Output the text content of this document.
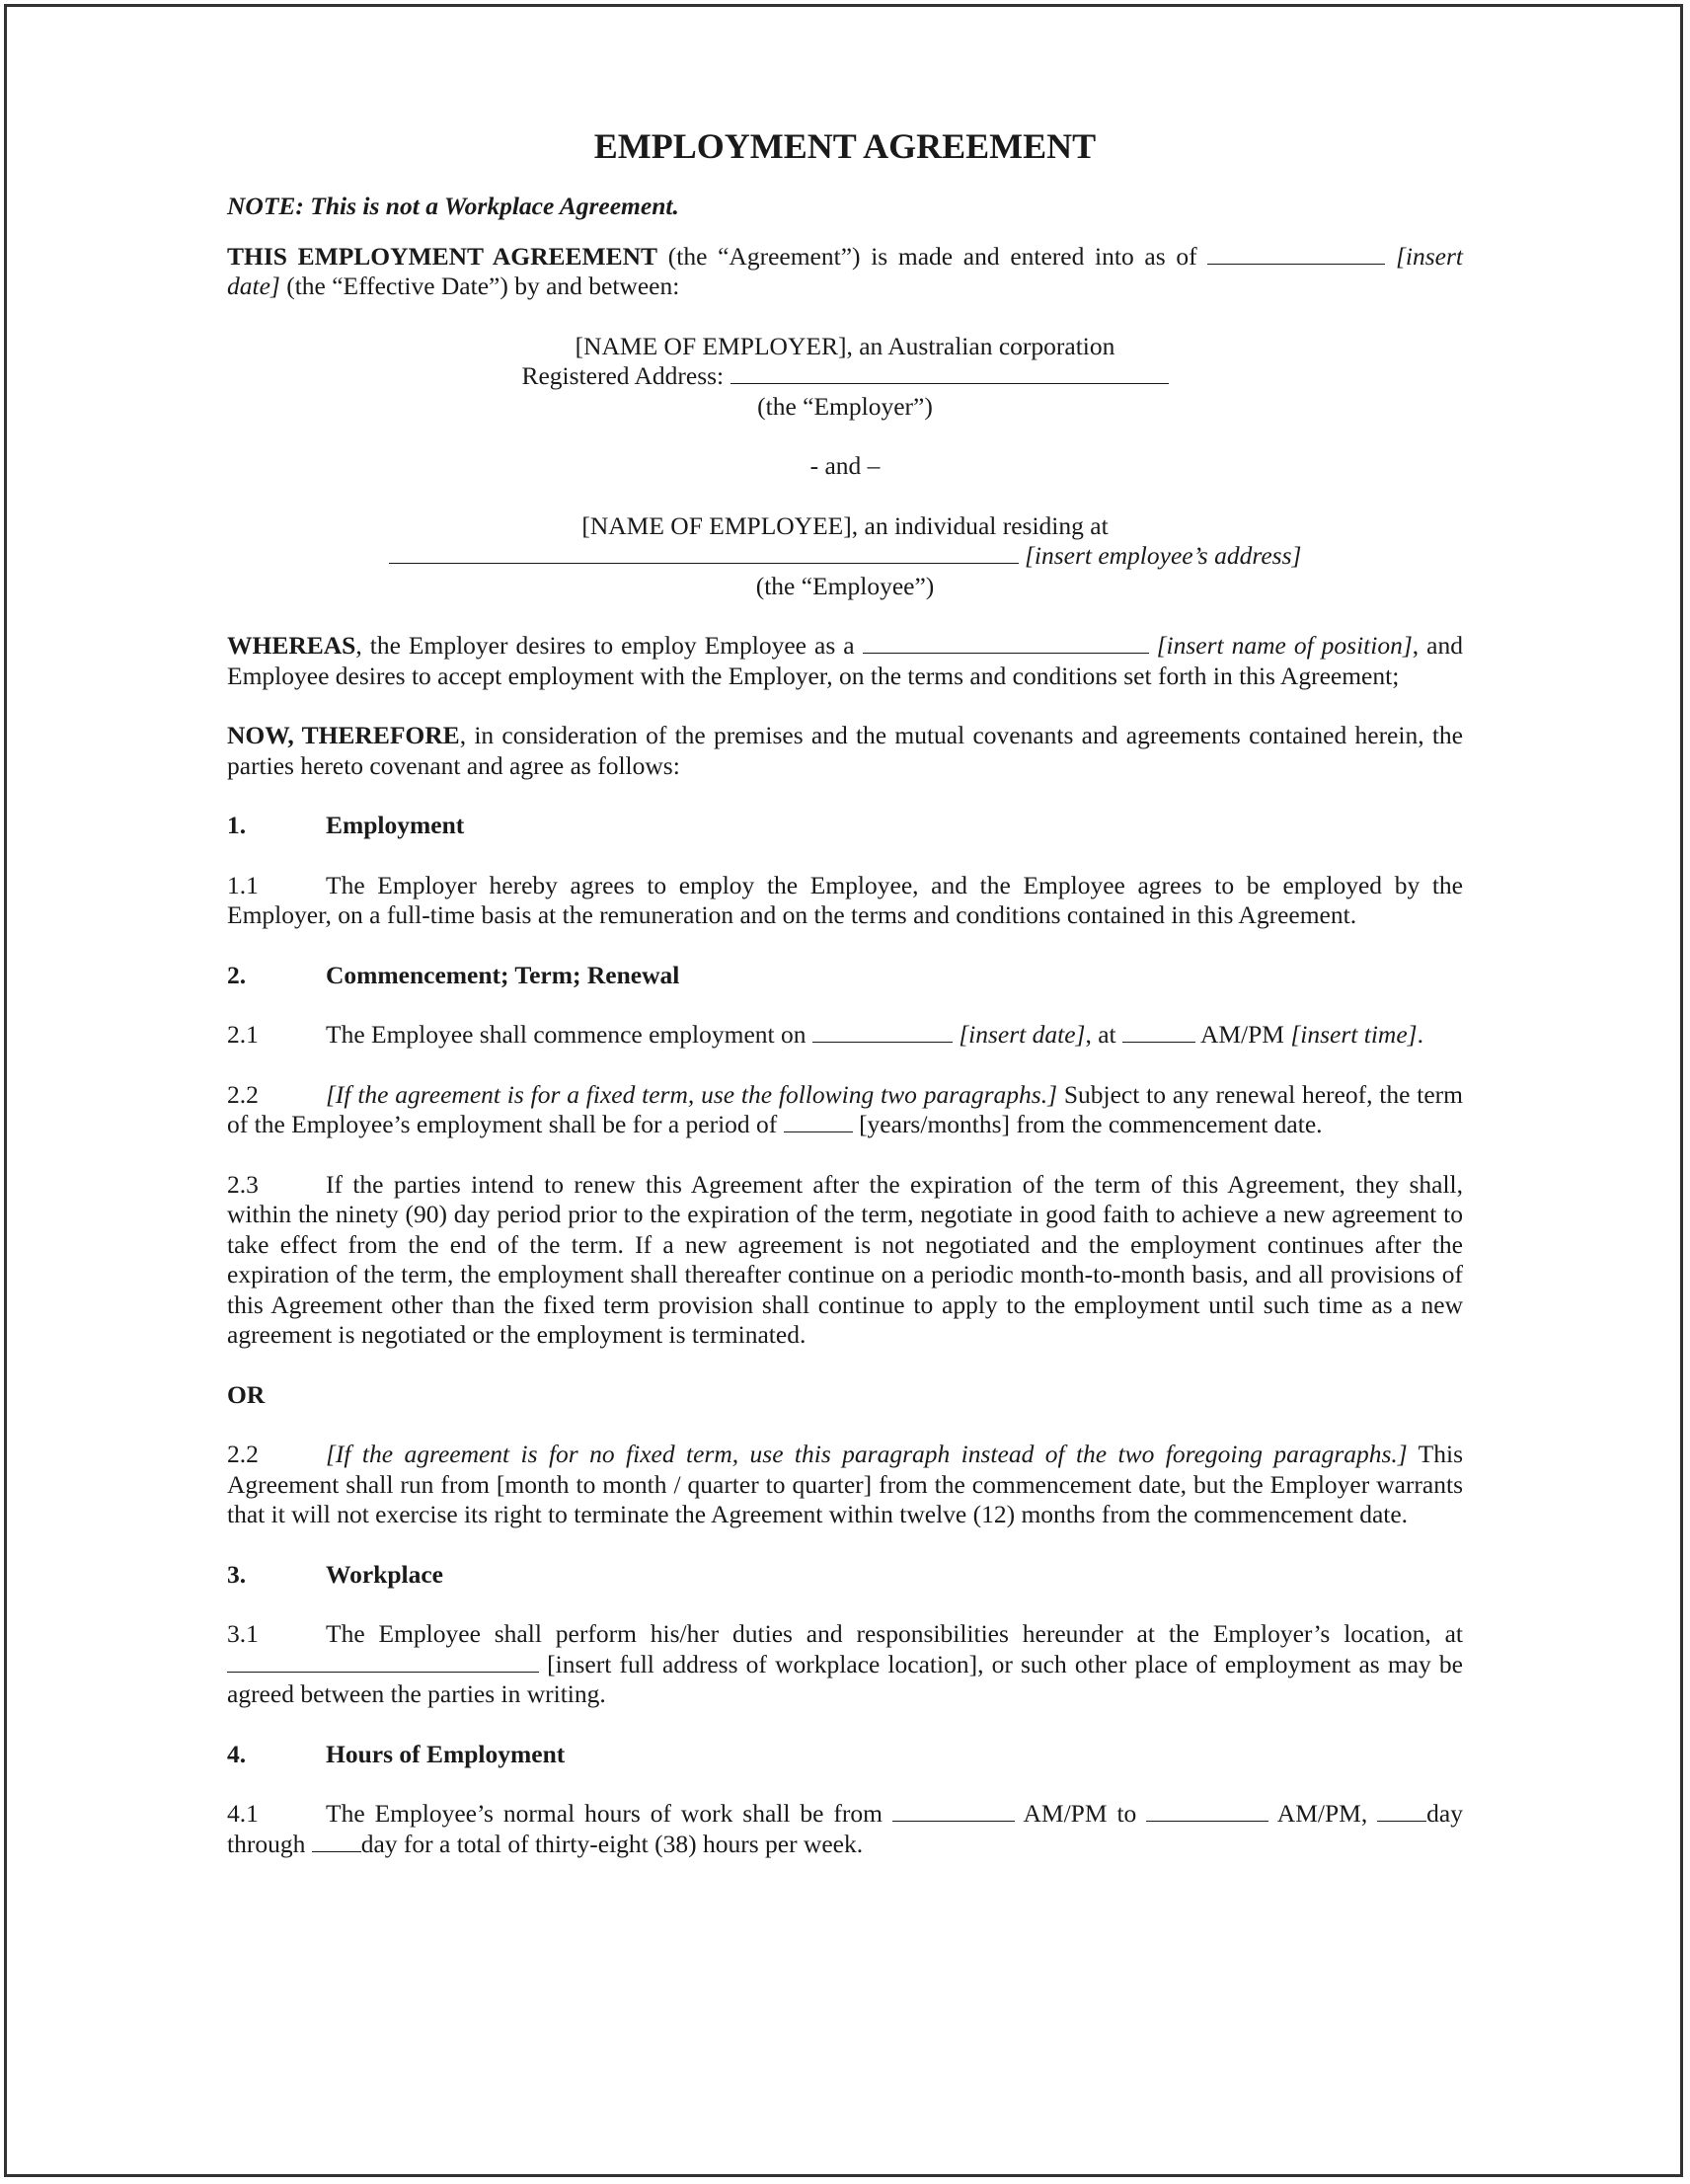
EMPLOYMENT AGREEMENT

NOTE: This is not a Workplace Agreement.

THIS EMPLOYMENT AGREEMENT (the “Agreement”) is made and entered into as of	[insert date] (the “Effective Date”) by and between:

[NAME OF EMPLOYER], an Australian corporation
Registered Address:
(the “Employer”)
- and –
[NAME OF EMPLOYEE], an individual residing at
[insert employee’s address]
(the “Employee”)

WHEREAS, the Employer desires to employ Employee as a	[insert name of position], and Employee desires to accept employment with the Employer, on the terms and conditions set forth in this Agreement;

NOW, THEREFORE, in consideration of the premises and the mutual covenants and agreements contained herein, the parties hereto covenant and agree as follows:

1.	Employment

1.1	The Employer hereby agrees to employ the Employee, and the Employee agrees to be employed by the Employer, on a full-time basis at the remuneration and on the terms and conditions contained in this Agreement.

2.	Commencement; Term; Renewal

2.1	The Employee shall commence employment on	[insert date], at	AM/PM [insert time].

2.2	[If the agreement is for a fixed term, use the following two paragraphs.] Subject to any renewal hereof, the term of the Employee’s employment shall be for a period of	[years/months] from the commencement date.

2.3	If the parties intend to renew this Agreement after the expiration of the term of this Agreement, they shall, within the ninety (90) day period prior to the expiration of the term, negotiate in good faith to achieve a new agreement to take effect from the end of the term. If a new agreement is not negotiated and the employment continues after the expiration of the term, the employment shall thereafter continue on a periodic month-to-month basis, and all provisions of this Agreement other than the fixed term provision shall continue to apply to the employment until such time as a new agreement is negotiated or the employment is terminated.

OR

2.2	[If the agreement is for no fixed term, use this paragraph instead of the two foregoing paragraphs.] This Agreement shall run from [month to month / quarter to quarter] from the commencement date, but the Employer warrants that it will not exercise its right to terminate the Agreement within twelve (12) months from the commencement date.

3.	Workplace

3.1	The Employee shall perform his/her duties and responsibilities hereunder at the Employer’s location, at  [insert full address of workplace location], or such other place of employment as may be agreed between the parties in writing.

4.	Hours of Employment

4.1	The Employee’s normal hours of work shall be from	AM/PM to	AM/PM, day through day for a total of thirty-eight (38) hours per week.
